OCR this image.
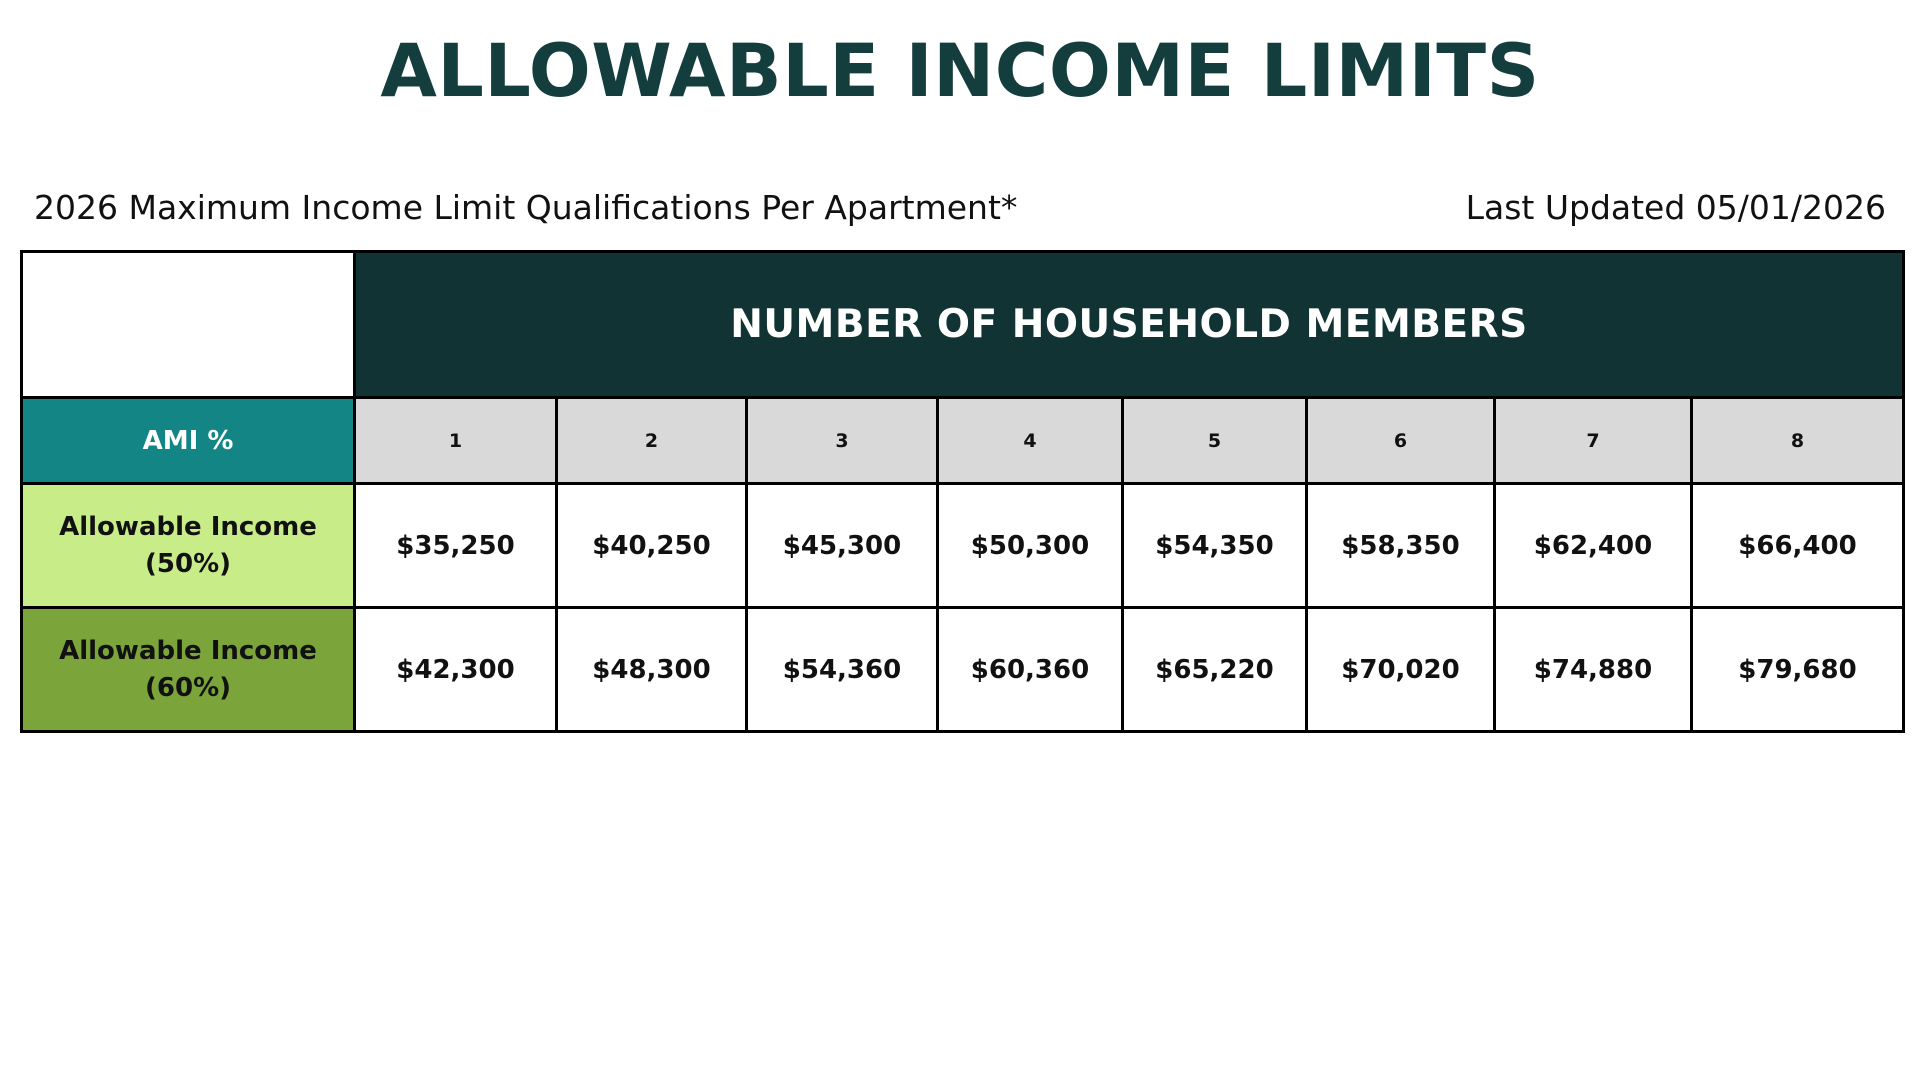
ALLOWABLE INCOME LIMITS
2026 Maximum Income Limit Qualifications Per Apartment*	Last Updated 05/01/2026
	NUMBER OF HOUSEHOLD MEMBERS							
AMI %	1	2	3	4	5	6	7	8
Allowable Income
(50%)	$35,250	$40,250	$45,300	$50,300	$54,350	$58,350	$62,400	$66,400
Allowable Income
(60%)	$42,300	$48,300	$54,360	$60,360	$65,220	$70,020	$74,880	$79,680
